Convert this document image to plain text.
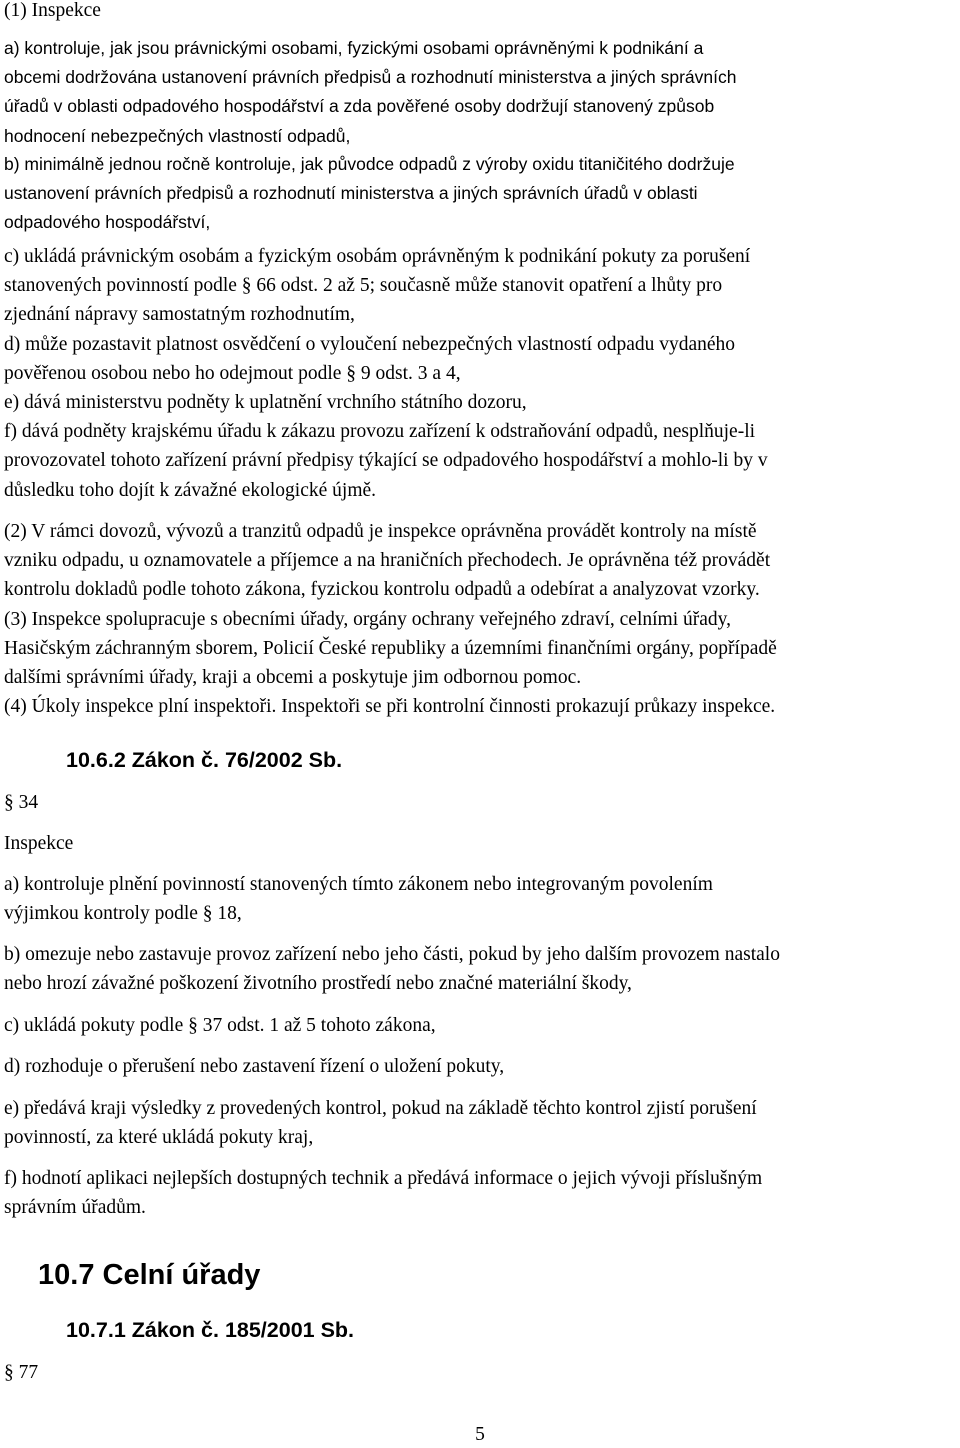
(1) Inspekce

a) kontroluje, jak jsou právnickými osobami, fyzickými osobami oprávněnými k podnikání a
obcemi dodržována ustanovení právních předpisů a rozhodnutí ministerstva a jiných správních
úřadů v oblasti odpadového hospodářství a zda pověřené osoby dodržují stanovený způsob
hodnocení nebezpečných vlastností odpadů,
b) minimálně jednou ročně kontroluje, jak původce odpadů z výroby oxidu titaničitého dodržuje
ustanovení právních předpisů a rozhodnutí ministerstva a jiných správních úřadů v oblasti
odpadového hospodářství,
c) ukládá právnickým osobám a fyzickým osobám oprávněným k podnikání pokuty za porušení
stanovených povinností podle § 66 odst. 2 až 5; současně může stanovit opatření a lhůty pro
zjednání nápravy samostatným rozhodnutím,
d) může pozastavit platnost osvědčení o vyloučení nebezpečných vlastností odpadu vydaného
pověřenou osobou nebo ho odejmout podle § 9 odst. 3 a 4,
e) dává ministerstvu podněty k uplatnění vrchního státního dozoru,
f) dává podněty krajskému úřadu k zákazu provozu zařízení k odstraňování odpadů, nesplňuje-li
provozovatel tohoto zařízení právní předpisy týkající se odpadového hospodářství a mohlo-li by v
důsledku toho dojít k závažné ekologické újmě.
(2) V rámci dovozů, vývozů a tranzitů odpadů je inspekce oprávněna provádět kontroly na místě
vzniku odpadu, u oznamovatele a příjemce a na hraničních přechodech. Je oprávněna též provádět
kontrolu dokladů podle tohoto zákona, fyzickou kontrolu odpadů a odebírat a analyzovat vzorky.
(3) Inspekce spolupracuje s obecními úřady, orgány ochrany veřejného zdraví, celními úřady,
Hasičským záchranným sborem, Policií České republiky a územními finančními orgány, popřípadě
dalšími správními úřady, kraji a obcemi a poskytuje jim odbornou pomoc.
(4) Úkoly inspekce plní inspektoři. Inspektoři se při kontrolní činnosti prokazují průkazy inspekce.
10.6.2 Zákon č. 76/2002 Sb.

§ 34

Inspekce

a) kontroluje plnění povinností stanovených tímto zákonem nebo integrovaným povolením
výjimkou kontroly podle § 18,
b) omezuje nebo zastavuje provoz zařízení nebo jeho části, pokud by jeho dalším provozem nastalo
nebo hrozí závažné poškození životního prostředí nebo značné materiální škody,

c) ukládá pokuty podle § 37 odst. 1 až 5 tohoto zákona,

d) rozhoduje o přerušení nebo zastavení řízení o uložení pokuty,

e) předává kraji výsledky z provedených kontrol, pokud na základě těchto kontrol zjistí porušení
povinností, za které ukládá pokuty kraj,
f) hodnotí aplikaci nejlepších dostupných technik a předává informace o jejich vývoji příslušným
správním úřadům.
10.7 Celní úřady
10.7.1 Zákon č. 185/2001 Sb.

§ 77

5
